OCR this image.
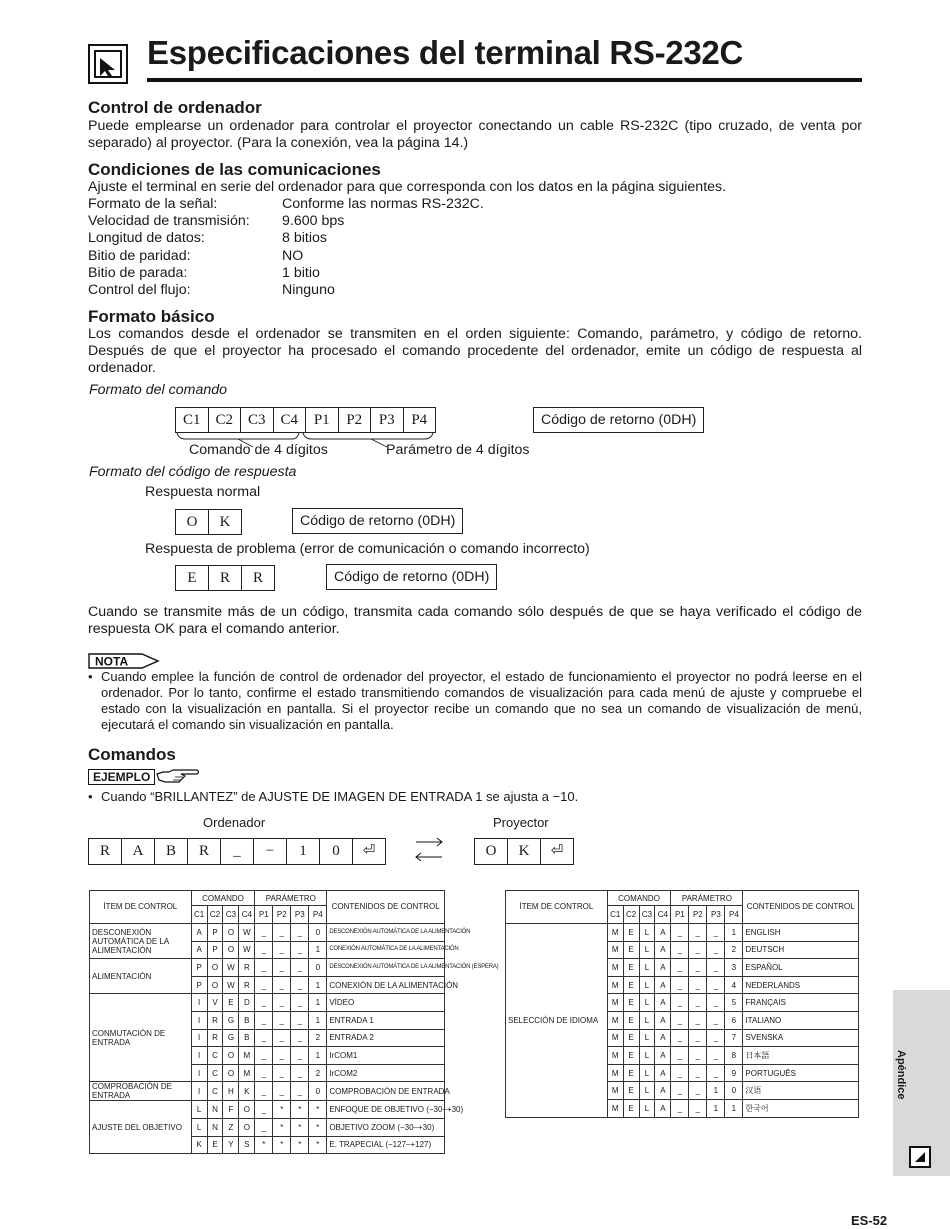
Especificaciones del terminal RS-232C
Control de ordenador
Puede emplearse un ordenador para controlar el proyector conectando un cable RS-232C (tipo cruzado, de venta por separado) al proyector. (Para la conexión, vea la página 14.)
Condiciones de las comunicaciones
Ajuste el terminal en serie del ordenador para que corresponda con los datos en la página siguientes.
Formato de la señal:	Conforme las normas RS-232C.
Velocidad de transmisión: 9.600 bps
Longitud de datos:	8 bitios
Bitio de paridad:	NO
Bitio de parada:	1 bitio
Control del flujo:	Ninguno
Formato básico
Los comandos desde el ordenador se transmiten en el orden siguiente: Comando, parámetro, y código de retorno. Después de que el proyector ha procesado el comando procedente del ordenador, emite un código de respuesta al ordenador.
Formato del comando
C1 C2 C3 C4	P1	P2	P3	P4	Código de retorno (0DH)
Comando de 4 dígitos	Parámetro de 4 dígitos
Formato del código de respuesta
Respuesta normal
O	K	Código de retorno (0DH)
Respuesta de problema (error de comunicación o comando incorrecto)
E	R	R	Código de retorno (0DH)
Cuando se transmite más de un código, transmita cada comando sólo después de que se haya verificado el código de respuesta OK para el comando anterior.
NOTA
• Cuando emplee la función de control de ordenador del proyector, el estado de funcionamiento el proyector no podrá leerse en el ordenador. Por lo tanto, confirme el estado transmitiendo comandos de visualización para cada menú de ajuste y compruebe el estado con la visualización en pantalla. Si el proyector recibe un comando que no sea un comando de visualización de menú, ejecutará el comando sin visualización en pantalla.
Comandos
EJEMPLO
• Cuando “BRILLANTEZ” de AJUSTE DE IMAGEN DE ENTRADA 1 se ajusta a −10.
Ordenador	Proyector
R	A	B	R	_	−	1	0	⏎	O	K	⏎
ÍTEM DE CONTROL	COMANDO				PARÁMETRO				CONTENIDOS DE CONTROL
	C1	C2	C3	C4	P1	P2	P3	P4	
DESCONEXIÓN AUTOMÁTICA DE LA ALIMENTACIÓN	A	P	O	W	_	_	_	0	DESCONEXIÓN AUTOMÁTICA DE LA ALIMENTACIÓN
	A	P	O	W	_	_	_	1	CONEXIÓN AUTOMÁTICA DE LA ALIMENTACIÓN
ALIMENTACIÓN	P	O	W	R	_	_	_	0	DESCONEXIÓN AUTOMÁTICA DE LA ALIMENTACIÓN (ESPERA)
	P	O	W	R	_	_	_	1	CONEXIÓN DE LA ALIMENTACIÓN
CONMUTACIÓN DE ENTRADA	I	V	E	D	_	_	_	1	VÍDEO
	I	R	G	B	_	_	_	1	ENTRADA 1
	I	R	G	B	_	_	_	2	ENTRADA 2
	I	C	O	M	_	_	_	1	IrCOM1
	I	C	O	M	_	_	_	2	IrCOM2
COMPROBACIÓN DE ENTRADA	I	C	H	K	_	_	_	0	COMPROBACIÓN DE ENTRADA
AJUSTE DEL OBJETIVO	L	N	F	O	_	*	*	*	ENFOQUE DE OBJETIVO (−30–+30)
	L	N	Z	O	_	*	*	*	OBJETIVO ZOOM (−30–+30)
	K	E	Y	S	*	*	*	*	E. TRAPECIAL (−127–+127)
ÍTEM DE CONTROL	COMANDO				PARÁMETRO				CONTENIDOS DE CONTROL
	C1	C2	C3	C4	P1	P2	P3	P4	
SELECCIÓN DE IDIOMA	M	E	L	A	_	_	_	1	ENGLISH
	M	E	L	A	_	_	_	2	DEUTSCH
	M	E	L	A	_	_	_	3	ESPAÑOL
	M	E	L	A	_	_	_	4	NEDERLANDS
	M	E	L	A	_	_	_	5	FRANÇAIS
	M	E	L	A	_	_	_	6	ITALIANO
	M	E	L	A	_	_	_	7	SVENSKA
	M	E	L	A	_	_	_	8	日本語
	M	E	L	A	_	_	_	9	PORTUGUÊS
	M	E	L	A	_	_	1	0	汉语
	M	E	L	A	_	_	1	1	한국어
Apéndice
ES-52
